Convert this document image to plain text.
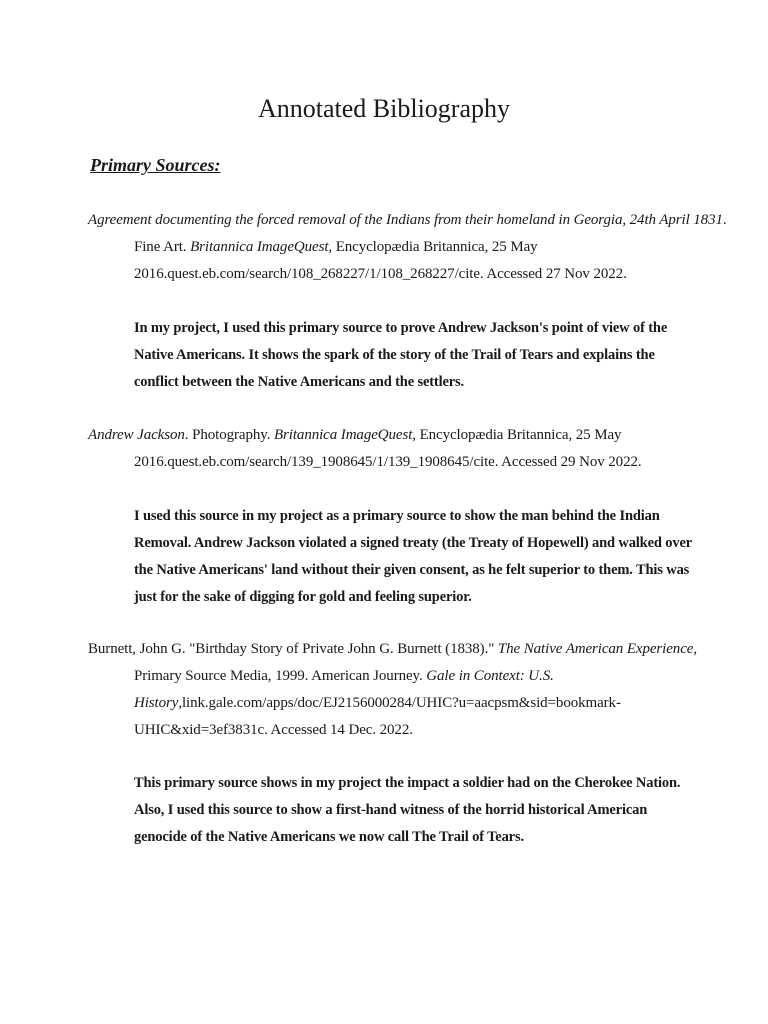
Annotated Bibliography
Primary Sources:

Agreement documenting the forced removal of the Indians from their homeland in Georgia, 24th April 1831. Fine Art. Britannica ImageQuest, Encyclopædia Britannica, 25 May 2016.quest.eb.com/search/108_268227/1/108_268227/cite. Accessed 27 Nov 2022.

In my project, I used this primary source to prove Andrew Jackson's point of view of the Native Americans. It shows the spark of the story of the Trail of Tears and explains the conflict between the Native Americans and the settlers.

Andrew Jackson. Photography. Britannica ImageQuest, Encyclopædia Britannica, 25 May 2016.quest.eb.com/search/139_1908645/1/139_1908645/cite. Accessed 29 Nov 2022.

I used this source in my project as a primary source to show the man behind the Indian Removal. Andrew Jackson violated a signed treaty (the Treaty of Hopewell) and walked over the Native Americans' land without their given consent, as he felt superior to them. This was just for the sake of digging for gold and feeling superior.

Burnett, John G. "Birthday Story of Private John G. Burnett (1838)." The Native American Experience, Primary Source Media, 1999. American Journey. Gale in Context: U.S. History,link.gale.com/apps/doc/EJ2156000284/UHIC?u=aacpsm&sid=bookmark-UHIC&xid=3ef3831c. Accessed 14 Dec. 2022.

This primary source shows in my project the impact a soldier had on the Cherokee Nation. Also, I used this source to show a first-hand witness of the horrid historical American genocide of the Native Americans we now call The Trail of Tears.
